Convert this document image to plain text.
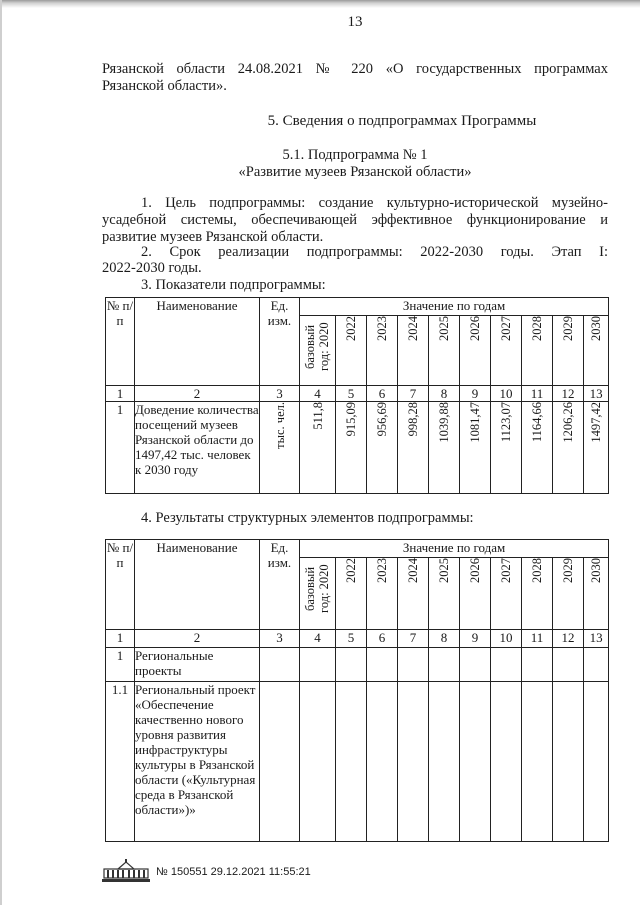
13

Рязанской области 24.08.2021 № 220 «О государственных программах

Рязанской области».

5. Сведения о подпрограммах Программы

5.1. Подпрограмма № 1

«Развитие музеев Рязанской области»

1. Цель подпрограммы: создание культурно-исторической музейно-

усадебной системы, обеспечивающей эффективное функционирование и

развитие музеев Рязанской области.

2. Срок реализации подпрограммы: 2022-2030 годы. Этап I:

2022-2030 годы.

3. Показатели подпрограммы:

№ п/п	Наименование	Ед. изм.	Значение по годам									

			базовый год: 2020	2022	2023	2024	2025	2026	2027	2028	2029	2030

1	2	3	4	5	6	7	8	9	10	11	12	13
1	Доведение количества посещений музеев Рязанской области до 1497,42 тыс. человек к 2030 году	тыс. чел.	511,8	915,09	956,69	998,28	1039,88	1081,47	1123,07	1164,66	1206,26	1497,42

4. Результаты структурных элементов подпрограммы:

№ п/п	Наименование	Ед. изм.	Значение по годам									

			базовый год: 2020	2022	2023	2024	2025	2026	2027	2028	2029	2030

1	2	3	4	5	6	7	8	9	10	11	12	13
1	Региональные проекты											
1.1	Региональный проект «Обеспечение качественно нового уровня развития инфраструктуры культуры в Рязанской области («Культурная среда в Рязанской области»)»											
№ 150551 29.12.2021 11:55:21
